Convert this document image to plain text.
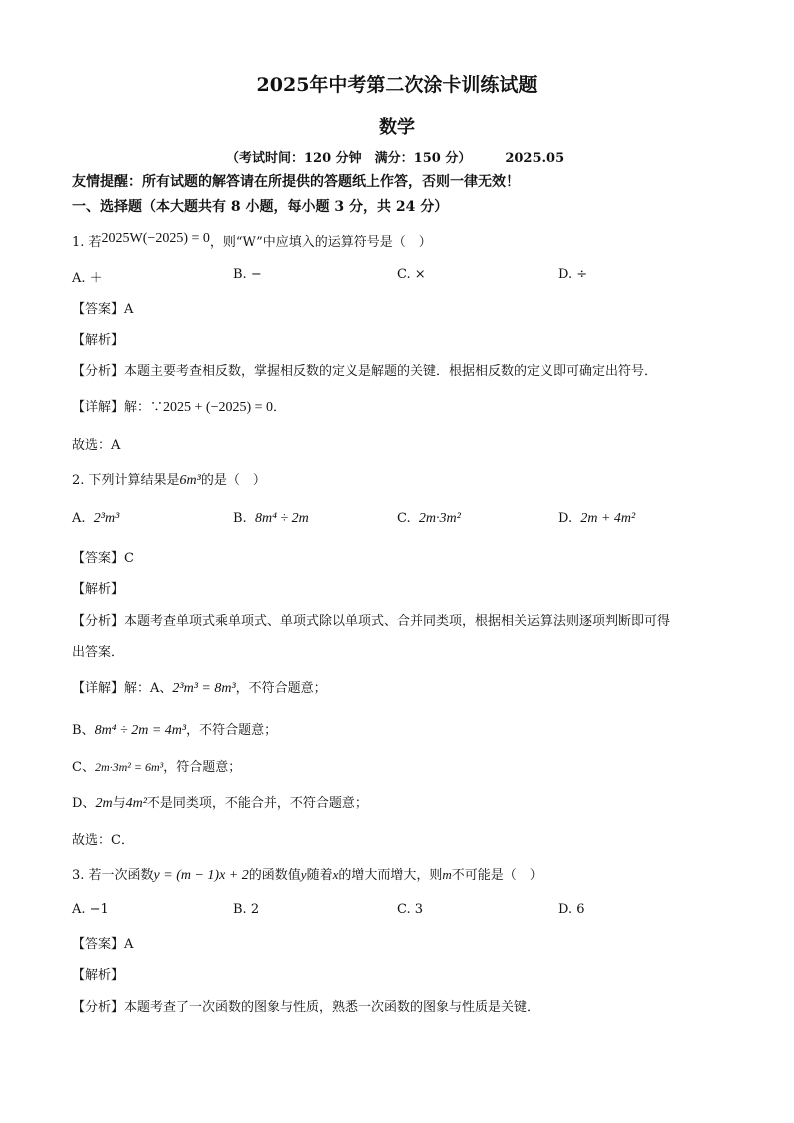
2025年中考第二次涂卡训练试题
数学
（考试时间：120 分钟　满分：150 分）	2025.05
友情提醒：所有试题的解答请在所提供的答题纸上作答，否则一律无效！
一、选择题（本大题共有 8 小题，每小题 3 分，共 24 分）
1. 若2025W(−2025) = 0，则“W”中应填入的运算符号是（　）
A. ＋	B. −	C. ×	D. ÷
【答案】A
【解析】
【分析】本题主要考查相反数，掌握相反数的定义是解题的关键．根据相反数的定义即可确定出符号．
【详解】解：∵2025 + (−2025) = 0．
故选：A
2. 下列计算结果是6m³的是（　）
A. 2³m³	B. 8m⁴ ÷ 2m	C. 2m·3m²	D. 2m + 4m²
【答案】C
【解析】
【分析】本题考查单项式乘单项式、单项式除以单项式、合并同类项，根据相关运算法则逐项判断即可得
出答案．
【详解】解：A、2³m³ = 8m³，不符合题意；
B、8m⁴ ÷ 2m = 4m³，不符合题意；
C、2m·3m² = 6m³，符合题意；
D、2m与4m²不是同类项，不能合并，不符合题意；
故选：C．
3. 若一次函数y = (m − 1)x + 2的函数值y随着x的增大而增大，则m不可能是（　）
A. −1	B. 2	C. 3	D. 6
【答案】A
【解析】
【分析】本题考查了一次函数的图象与性质，熟悉一次函数的图象与性质是关键．
